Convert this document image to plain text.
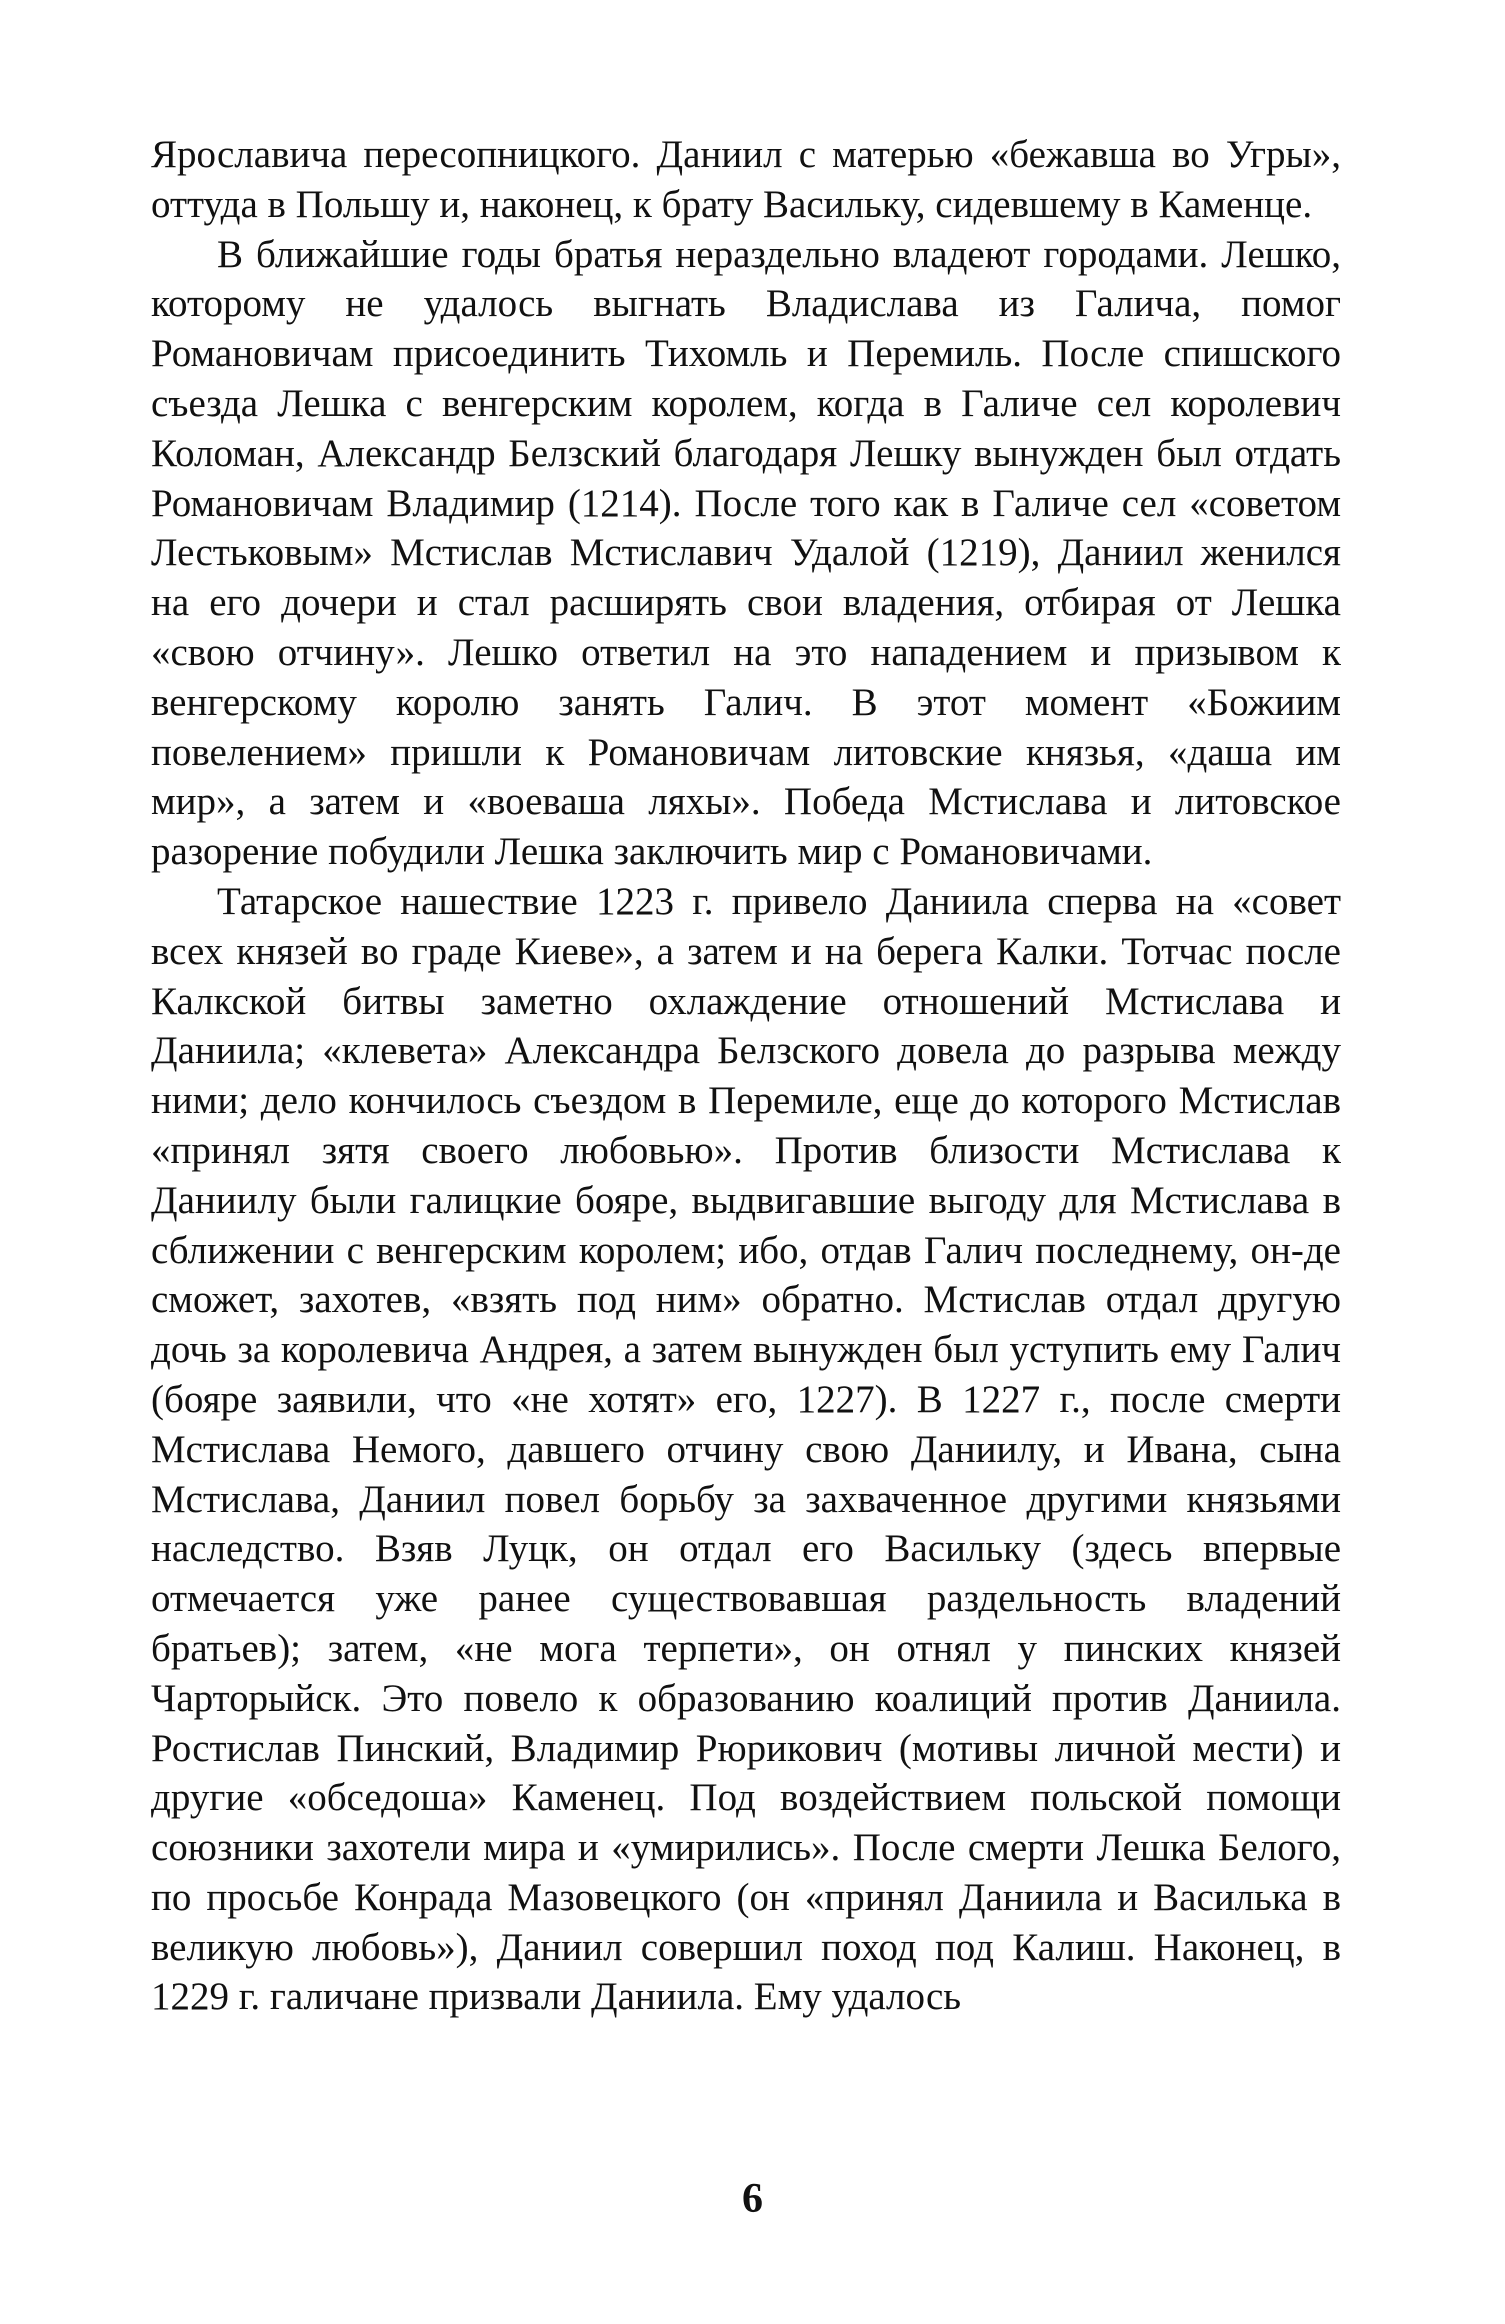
Ярославича пересопницкого. Даниил с матерью «бежавша во Угры», оттуда в Польшу и, наконец, к брату Васильку, сидевшему в Каменце.

В ближайшие годы братья нераздельно владеют городами. Лешко, которому не удалось выгнать Владислава из Галича, помог Романовичам присоединить Тихомль и Перемиль. После спишского съезда Лешка с венгерским королем, когда в Галиче сел королевич Коломан, Александр Белзский благодаря Лешку вынужден был отдать Романовичам Владимир (1214). После того как в Галиче сел «советом Лестьковым» Мстислав Мстиславич Удалой (1219), Даниил женился на его дочери и стал расширять свои владения, отбирая от Лешка «свою отчину». Лешко ответил на это нападением и призывом к венгерскому королю занять Галич. В этот момент «Божиим повелением» пришли к Романовичам литовские князья, «даша им мир», а затем и «воеваша ляхы». Победа Мстислава и литовское разорение побудили Лешка заключить мир с Романовичами.

Татарское нашествие 1223 г. привело Даниила сперва на «совет всех князей во граде Киеве», а затем и на берега Калки. Тотчас после Калкской битвы заметно охлаждение отношений Мстислава и Даниила; «клевета» Александра Белзского довела до разрыва между ними; дело кончилось съездом в Перемиле, еще до которого Мстислав «принял зятя своего любовью». Против близости Мстислава к Даниилу были галицкие бояре, выдвигавшие выгоду для Мстислава в сближении с венгерским королем; ибо, отдав Галич последнему, он-де сможет, захотев, «взять под ним» обратно. Мстислав отдал другую дочь за королевича Андрея, а затем вынужден был уступить ему Галич (бояре заявили, что «не хотят» его, 1227). В 1227 г., после смерти Мстислава Немого, давшего отчину свою Даниилу, и Ивана, сына Мстислава, Даниил повел борьбу за захваченное другими князьями наследство. Взяв Луцк, он отдал его Васильку (здесь впервые отмечается уже ранее существовавшая раздельность владений братьев); затем, «не мога терпети», он отнял у пинских князей Чарторыйск. Это повело к образованию коалиций против Даниила. Ростислав Пинский, Владимир Рюрикович (мотивы личной мести) и другие «обседоша» Каменец. Под воздействием польской помощи союзники захотели мира и «умирились». После смерти Лешка Белого, по просьбе Конрада Мазовецкого (он «принял Даниила и Василька в великую любовь»), Даниил совершил поход под Калиш. Наконец, в 1229 г. галичане призвали Даниила. Ему удалось

6
